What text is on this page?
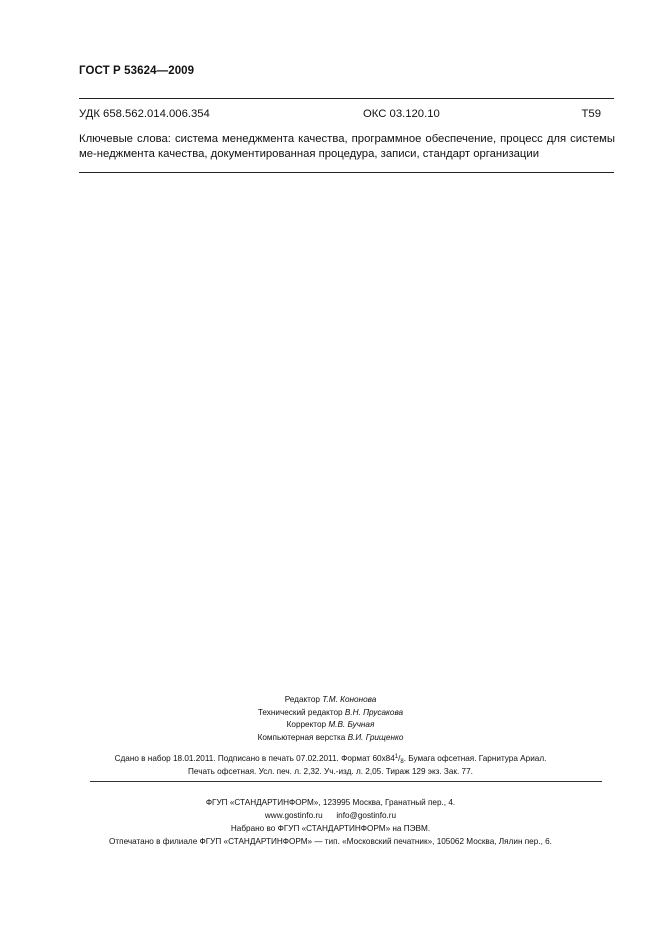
ГОСТ Р 53624—2009
УДК 658.562.014.006.354	ОКС 03.120.10	Т59
Ключевые слова: система менеджмента качества, программное обеспечение, процесс для системы ме-неджмента качества, документированная процедура, записи, стандарт организации
Редактор Т.М. Кононова
Технический редактор В.Н. Прусакова
Корректор М.В. Бучная
Компьютерная верстка В.И. Грищенко
Сдано в набор 18.01.2011. Подписано в печать 07.02.2011. Формат $60х84^1/_8$. Бумага офсетная. Гарнитура Ариал.
Печать офсетная. Усл. печ. л. 2,32. Уч.-изд. л. 2,05. Тираж 129 экз. Зак. 77.
ФГУП «СТАНДАРТИНФОРМ», 123995 Москва, Гранатный пер., 4.
www.gostinfo.ru info@gostinfo.ru
Набрано во ФГУП «СТАНДАРТИНФОРМ» на ПЭВМ.
Отпечатано в филиале ФГУП «СТАНДАРТИНФОРМ» — тип. «Московский печатник», 105062 Москва, Лялин пер., 6.
